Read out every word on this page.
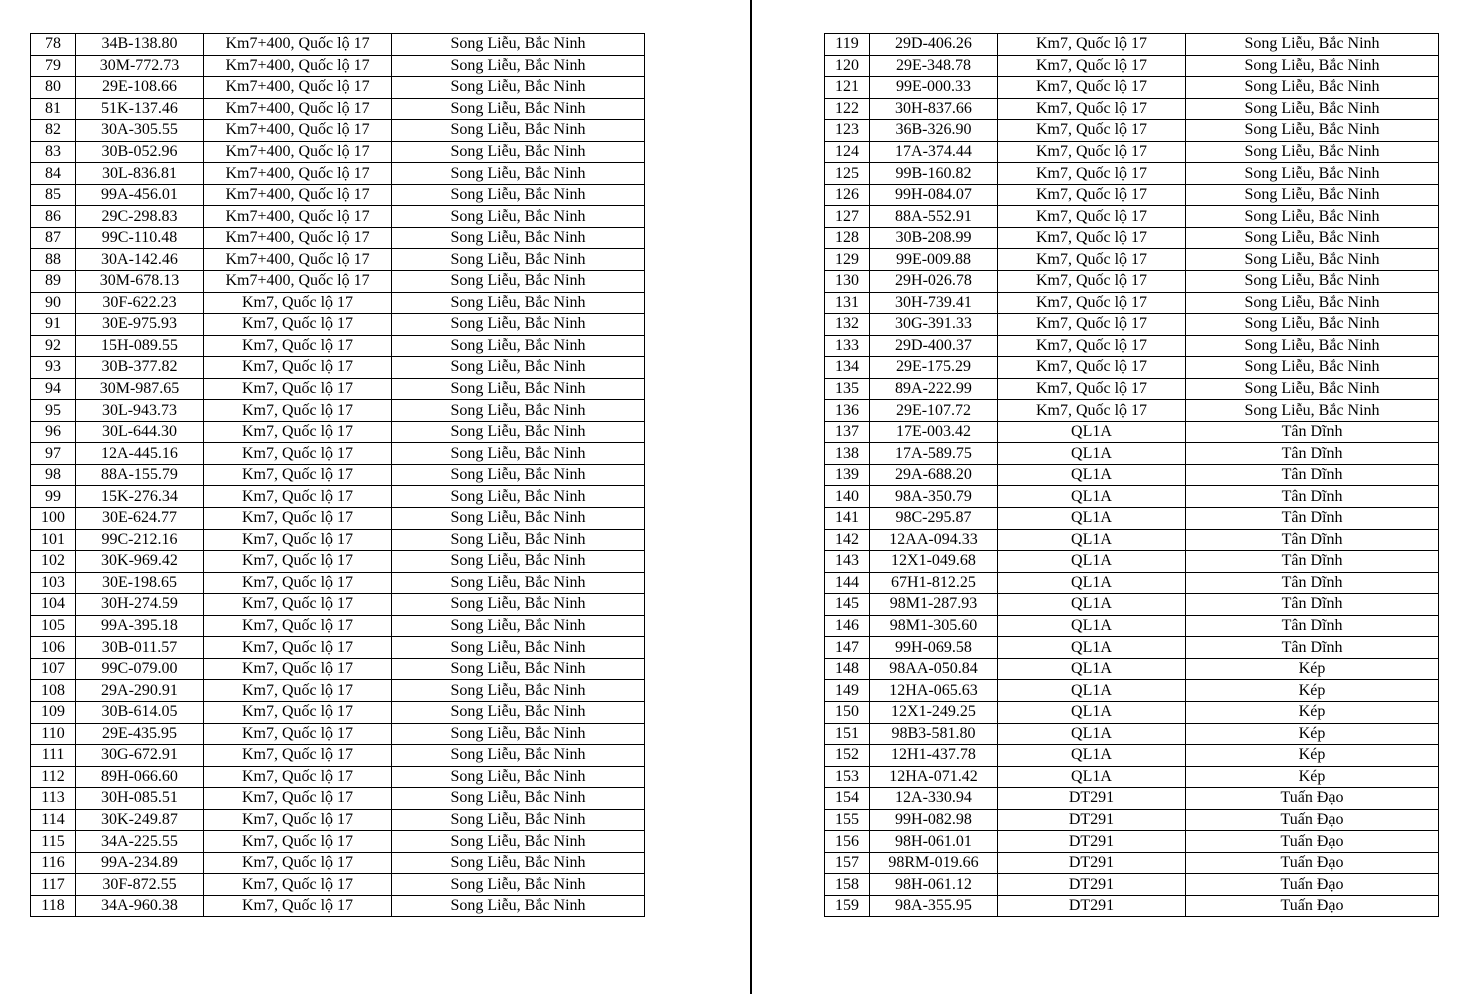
78	34B-138.80	Km7+400, Quốc lộ 17	Song Liễu, Bắc Ninh
79	30M-772.73	Km7+400, Quốc lộ 17	Song Liễu, Bắc Ninh
80	29E-108.66	Km7+400, Quốc lộ 17	Song Liễu, Bắc Ninh
81	51K-137.46	Km7+400, Quốc lộ 17	Song Liễu, Bắc Ninh
82	30A-305.55	Km7+400, Quốc lộ 17	Song Liễu, Bắc Ninh
83	30B-052.96	Km7+400, Quốc lộ 17	Song Liễu, Bắc Ninh
84	30L-836.81	Km7+400, Quốc lộ 17	Song Liễu, Bắc Ninh
85	99A-456.01	Km7+400, Quốc lộ 17	Song Liễu, Bắc Ninh
86	29C-298.83	Km7+400, Quốc lộ 17	Song Liễu, Bắc Ninh
87	99C-110.48	Km7+400, Quốc lộ 17	Song Liễu, Bắc Ninh
88	30A-142.46	Km7+400, Quốc lộ 17	Song Liễu, Bắc Ninh
89	30M-678.13	Km7+400, Quốc lộ 17	Song Liễu, Bắc Ninh
90	30F-622.23	Km7, Quốc lộ 17	Song Liễu, Bắc Ninh
91	30E-975.93	Km7, Quốc lộ 17	Song Liễu, Bắc Ninh
92	15H-089.55	Km7, Quốc lộ 17	Song Liễu, Bắc Ninh
93	30B-377.82	Km7, Quốc lộ 17	Song Liễu, Bắc Ninh
94	30M-987.65	Km7, Quốc lộ 17	Song Liễu, Bắc Ninh
95	30L-943.73	Km7, Quốc lộ 17	Song Liễu, Bắc Ninh
96	30L-644.30	Km7, Quốc lộ 17	Song Liễu, Bắc Ninh
97	12A-445.16	Km7, Quốc lộ 17	Song Liễu, Bắc Ninh
98	88A-155.79	Km7, Quốc lộ 17	Song Liễu, Bắc Ninh
99	15K-276.34	Km7, Quốc lộ 17	Song Liễu, Bắc Ninh
100	30E-624.77	Km7, Quốc lộ 17	Song Liễu, Bắc Ninh
101	99C-212.16	Km7, Quốc lộ 17	Song Liễu, Bắc Ninh
102	30K-969.42	Km7, Quốc lộ 17	Song Liễu, Bắc Ninh
103	30E-198.65	Km7, Quốc lộ 17	Song Liễu, Bắc Ninh
104	30H-274.59	Km7, Quốc lộ 17	Song Liễu, Bắc Ninh
105	99A-395.18	Km7, Quốc lộ 17	Song Liễu, Bắc Ninh
106	30B-011.57	Km7, Quốc lộ 17	Song Liễu, Bắc Ninh
107	99C-079.00	Km7, Quốc lộ 17	Song Liễu, Bắc Ninh
108	29A-290.91	Km7, Quốc lộ 17	Song Liễu, Bắc Ninh
109	30B-614.05	Km7, Quốc lộ 17	Song Liễu, Bắc Ninh
110	29E-435.95	Km7, Quốc lộ 17	Song Liễu, Bắc Ninh
111	30G-672.91	Km7, Quốc lộ 17	Song Liễu, Bắc Ninh
112	89H-066.60	Km7, Quốc lộ 17	Song Liễu, Bắc Ninh
113	30H-085.51	Km7, Quốc lộ 17	Song Liễu, Bắc Ninh
114	30K-249.87	Km7, Quốc lộ 17	Song Liễu, Bắc Ninh
115	34A-225.55	Km7, Quốc lộ 17	Song Liễu, Bắc Ninh
116	99A-234.89	Km7, Quốc lộ 17	Song Liễu, Bắc Ninh
117	30F-872.55	Km7, Quốc lộ 17	Song Liễu, Bắc Ninh
118	34A-960.38	Km7, Quốc lộ 17	Song Liễu, Bắc Ninh
119	29D-406.26	Km7, Quốc lộ 17	Song Liễu, Bắc Ninh
120	29E-348.78	Km7, Quốc lộ 17	Song Liễu, Bắc Ninh
121	99E-000.33	Km7, Quốc lộ 17	Song Liễu, Bắc Ninh
122	30H-837.66	Km7, Quốc lộ 17	Song Liễu, Bắc Ninh
123	36B-326.90	Km7, Quốc lộ 17	Song Liễu, Bắc Ninh
124	17A-374.44	Km7, Quốc lộ 17	Song Liễu, Bắc Ninh
125	99B-160.82	Km7, Quốc lộ 17	Song Liễu, Bắc Ninh
126	99H-084.07	Km7, Quốc lộ 17	Song Liễu, Bắc Ninh
127	88A-552.91	Km7, Quốc lộ 17	Song Liễu, Bắc Ninh
128	30B-208.99	Km7, Quốc lộ 17	Song Liễu, Bắc Ninh
129	99E-009.88	Km7, Quốc lộ 17	Song Liễu, Bắc Ninh
130	29H-026.78	Km7, Quốc lộ 17	Song Liễu, Bắc Ninh
131	30H-739.41	Km7, Quốc lộ 17	Song Liễu, Bắc Ninh
132	30G-391.33	Km7, Quốc lộ 17	Song Liễu, Bắc Ninh
133	29D-400.37	Km7, Quốc lộ 17	Song Liễu, Bắc Ninh
134	29E-175.29	Km7, Quốc lộ 17	Song Liễu, Bắc Ninh
135	89A-222.99	Km7, Quốc lộ 17	Song Liễu, Bắc Ninh
136	29E-107.72	Km7, Quốc lộ 17	Song Liễu, Bắc Ninh
137	17E-003.42	QL1A	Tân Dĩnh
138	17A-589.75	QL1A	Tân Dĩnh
139	29A-688.20	QL1A	Tân Dĩnh
140	98A-350.79	QL1A	Tân Dĩnh
141	98C-295.87	QL1A	Tân Dĩnh
142	12AA-094.33	QL1A	Tân Dĩnh
143	12X1-049.68	QL1A	Tân Dĩnh
144	67H1-812.25	QL1A	Tân Dĩnh
145	98M1-287.93	QL1A	Tân Dĩnh
146	98M1-305.60	QL1A	Tân Dĩnh
147	99H-069.58	QL1A	Tân Dĩnh
148	98AA-050.84	QL1A	Kép
149	12HA-065.63	QL1A	Kép
150	12X1-249.25	QL1A	Kép
151	98B3-581.80	QL1A	Kép
152	12H1-437.78	QL1A	Kép
153	12HA-071.42	QL1A	Kép
154	12A-330.94	DT291	Tuấn Đạo
155	99H-082.98	DT291	Tuấn Đạo
156	98H-061.01	DT291	Tuấn Đạo
157	98RM-019.66	DT291	Tuấn Đạo
158	98H-061.12	DT291	Tuấn Đạo
159	98A-355.95	DT291	Tuấn Đạo
